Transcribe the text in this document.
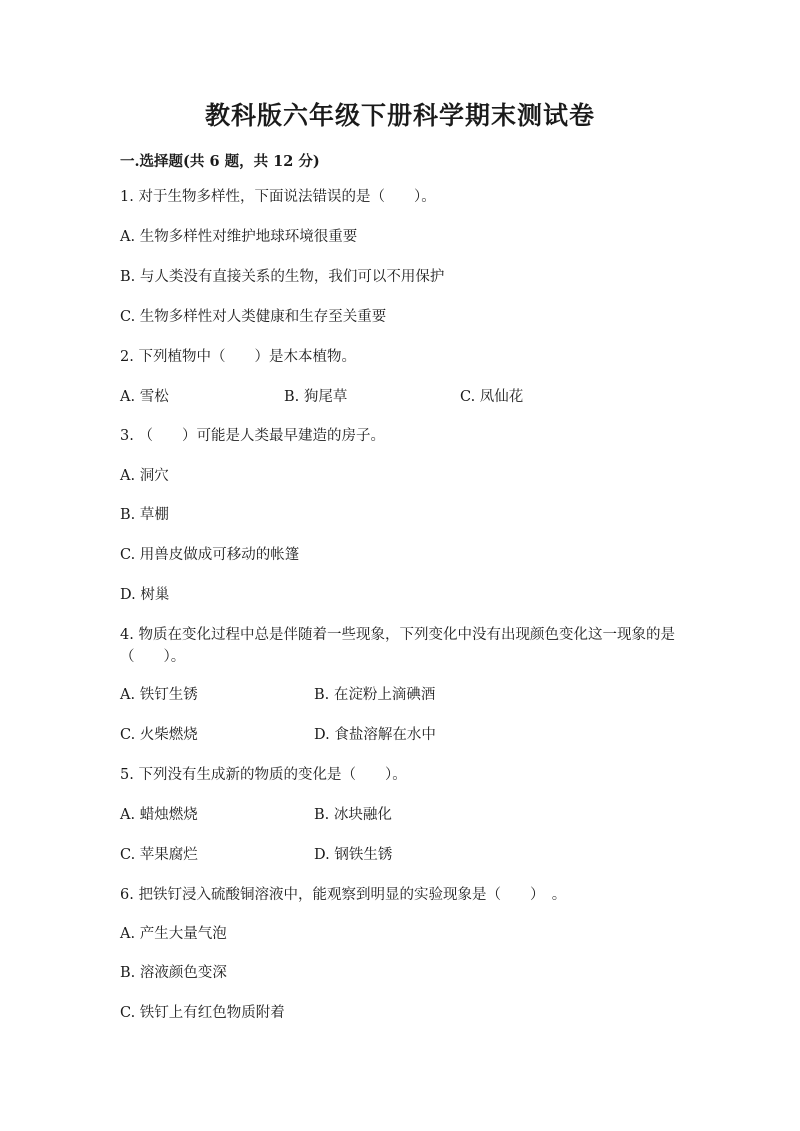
教科版六年级下册科学期末测试卷
一.选择题(共 6 题，共 12 分)
1. 对于生物多样性，下面说法错误的是（　　）。
A. 生物多样性对维护地球环境很重要
B. 与人类没有直接关系的生物，我们可以不用保护
C. 生物多样性对人类健康和生存至关重要
2. 下列植物中（　　）是木本植物。
A. 雪松	B. 狗尾草	C. 凤仙花
3. （　　）可能是人类最早建造的房子。
A. 洞穴
B. 草棚
C. 用兽皮做成可移动的帐篷
D. 树巢
4. 物质在变化过程中总是伴随着一些现象，下列变化中没有出现颜色变化这一现象的是（　　）。
A. 铁钉生锈	B. 在淀粉上滴碘酒
C. 火柴燃烧	D. 食盐溶解在水中
5. 下列没有生成新的物质的变化是（　　）。
A. 蜡烛燃烧	B. 冰块融化
C. 苹果腐烂	D. 钢铁生锈
6. 把铁钉浸入硫酸铜溶液中，能观察到明显的实验现象是（　　）　。
A. 产生大量气泡
B. 溶液颜色变深
C. 铁钉上有红色物质附着
